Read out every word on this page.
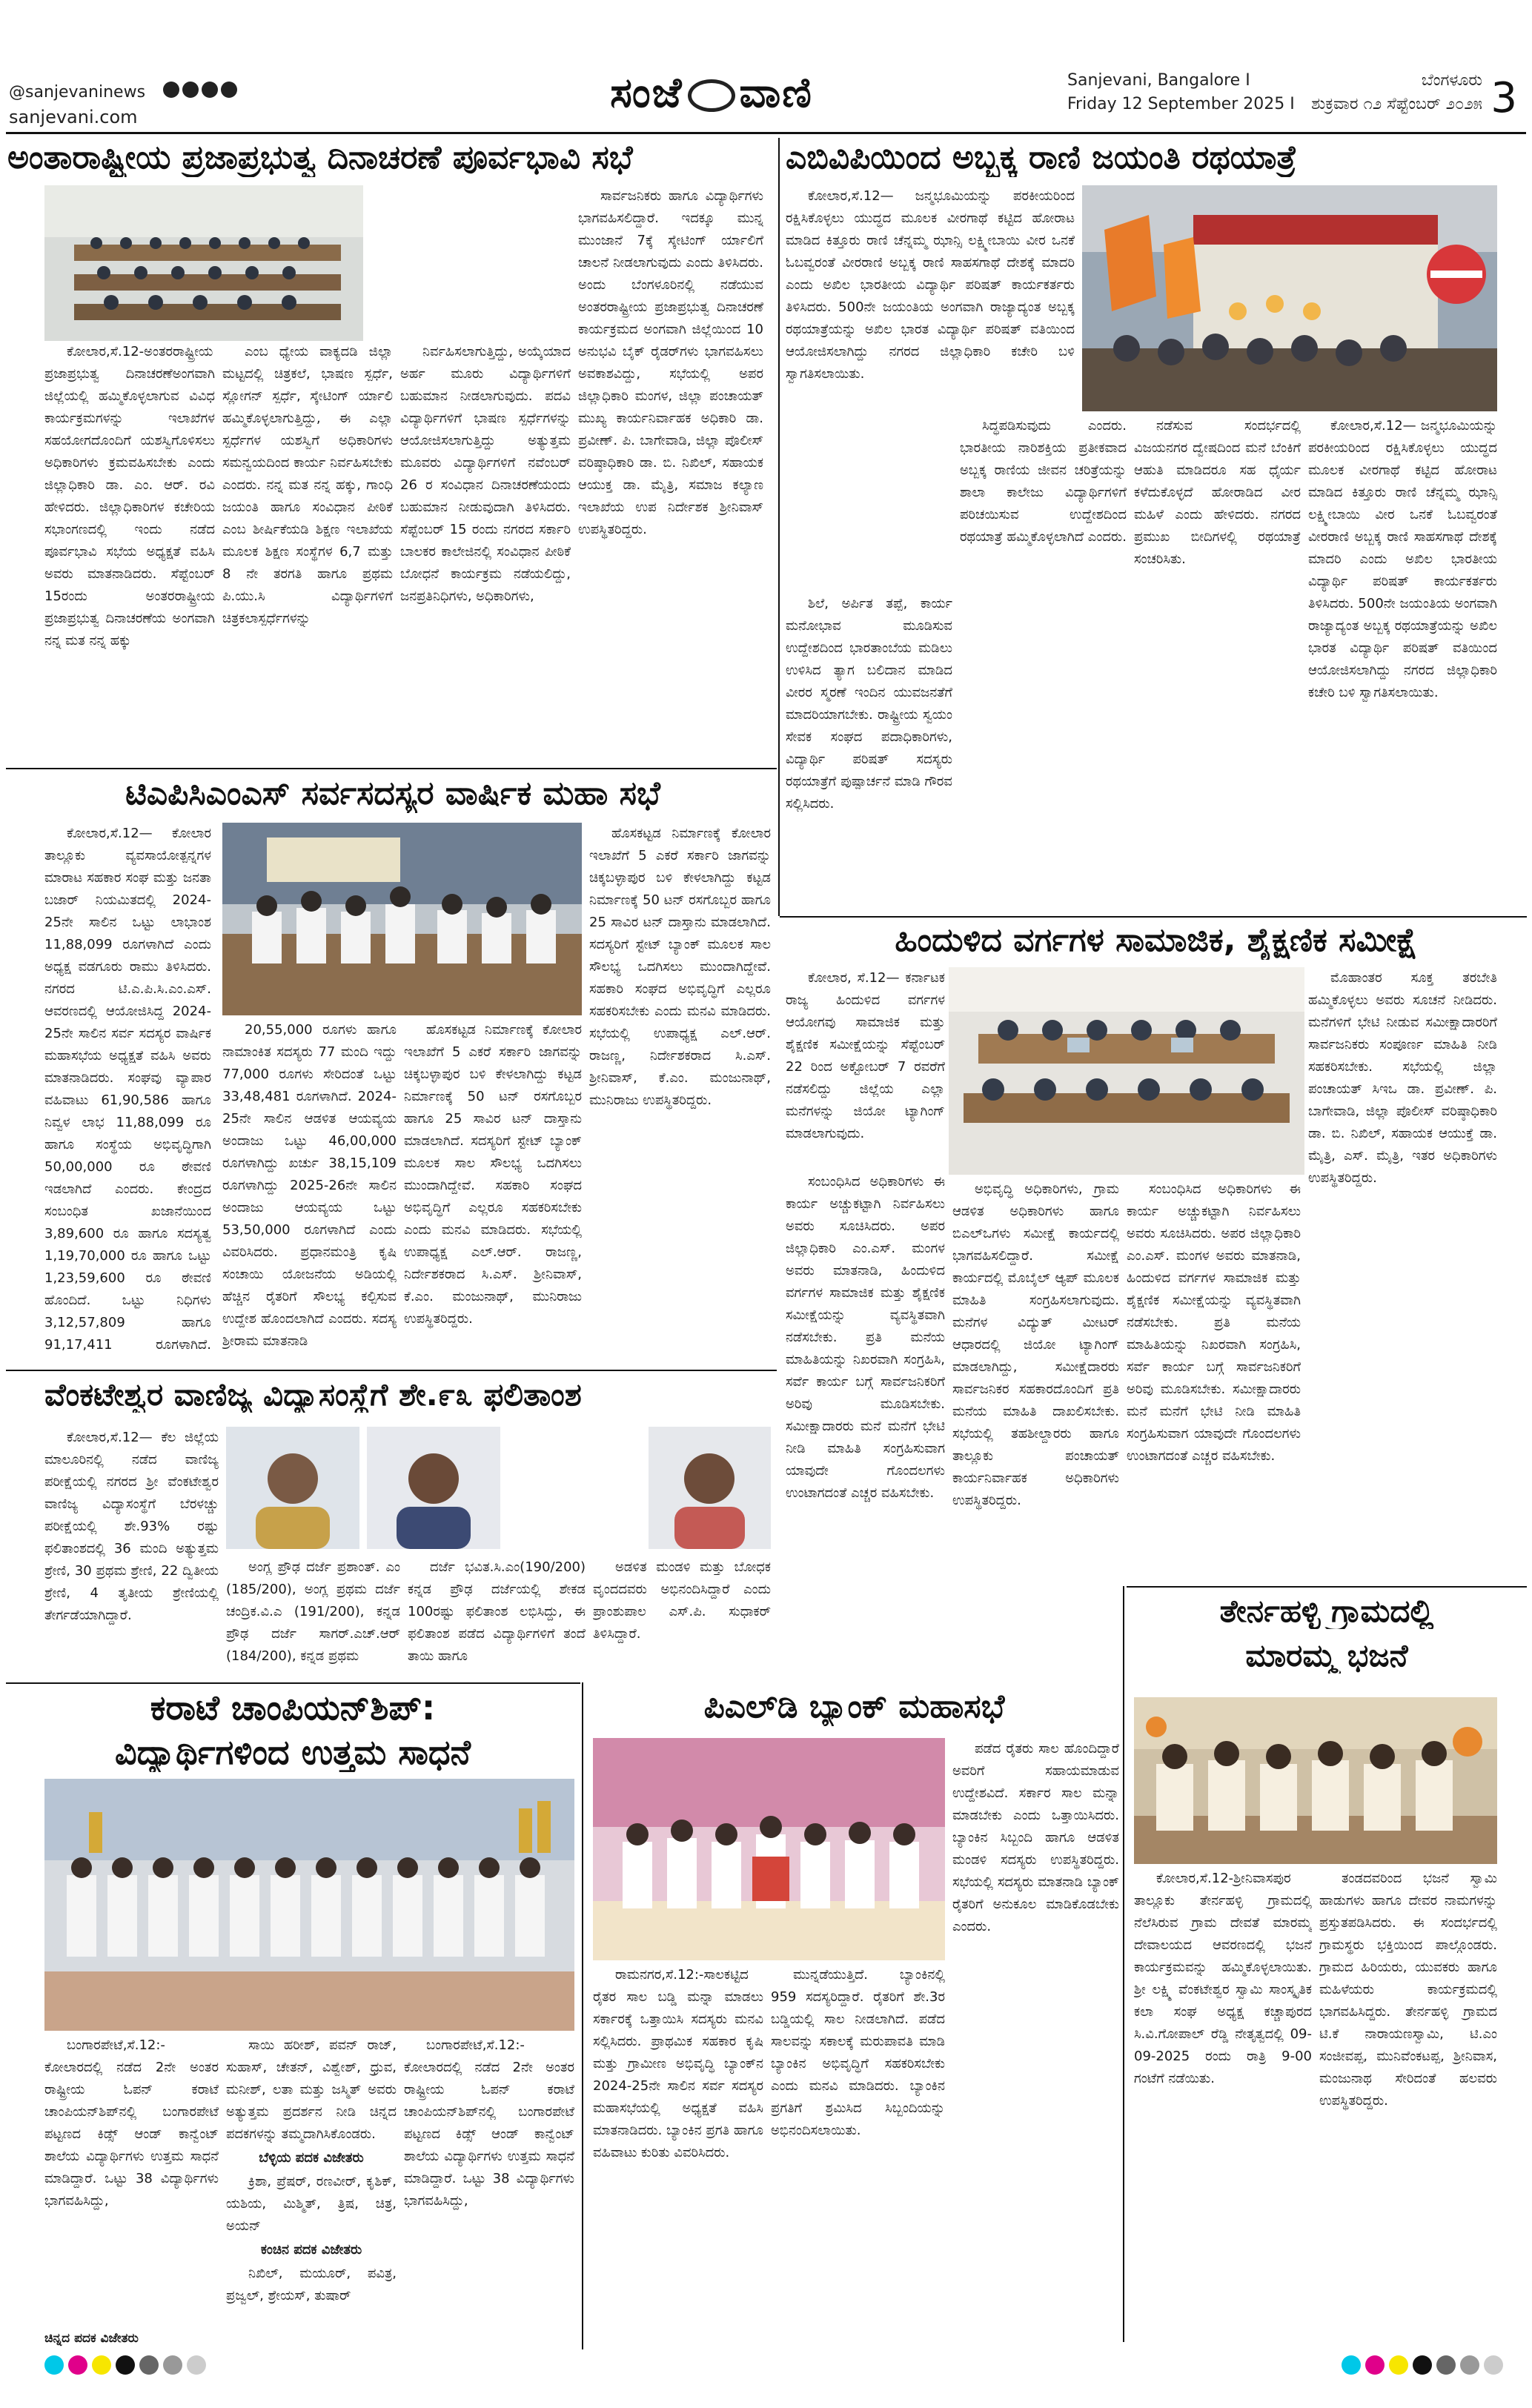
@sanjevaninews
sanjevani.com	ಸಂಜೆ ವಾಣಿ	Sanjevani, Bangalore I	ಬೆಂಗಳೂರು
Friday 12 September 2025 I ಶುಕ್ರವಾರ ೧೨ ಸೆಪ್ಟೆಂಬರ್ ೨೦೨೫ 3
ಅಂತಾರಾಷ್ಟ್ರೀಯ ಪ್ರಜಾಪ್ರಭುತ್ವ ದಿನಾಚರಣೆ ಪೂರ್ವಭಾವಿ ಸಭೆ

ಕೋಲಾರ,ಸೆ.12-ಅಂತರರಾಷ್ಟ್ರೀಯ ಪ್ರಜಾಪ್ರಭುತ್ವ ದಿನಾಚರಣೆಅಂಗವಾಗಿ ಜಿಲ್ಲೆಯಲ್ಲಿ ಹಮ್ಮಿಕೊಳ್ಳಲಾಗುವ ವಿವಿಧ ಕಾರ್ಯಕ್ರಮಗಳನ್ನು ಇಲಾಖೆಗಳ ಸಹಯೋಗದೊಂದಿಗೆ ಯಶಸ್ವಿಗೊಳಿಸಲು ಅಧಿಕಾರಿಗಳು ಕ್ರಮವಹಿಸಬೇಕು ಎಂದು ಜಿಲ್ಲಾಧಿಕಾರಿ ಡಾ. ಎಂ. ಆರ್. ರವಿ ಹೇಳಿದರು. ಜಿಲ್ಲಾಧಿಕಾರಿಗಳ ಕಚೇರಿಯ ಸಭಾಂಗಣದಲ್ಲಿ ಇಂದು ನಡೆದ ಪೂರ್ವಭಾವಿ ಸಭೆಯ ಅಧ್ಯಕ್ಷತೆ ವಹಿಸಿ ಅವರು ಮಾತನಾಡಿದರು. ಸೆಪ್ಟೆಂಬರ್ 15ರಂದು ಅಂತರರಾಷ್ಟ್ರೀಯ ಪ್ರಜಾಪ್ರಭುತ್ವ ದಿನಾಚರಣೆಯ ಅಂಗವಾಗಿ ನನ್ನ ಮತ ನನ್ನ ಹಕ್ಕು

ಎಂಬ ಧ್ಯೇಯ ವಾಕ್ಯದಡಿ ಜಿಲ್ಲಾ ಮಟ್ಟದಲ್ಲಿ ಚಿತ್ರಕಲೆ, ಭಾಷಣ ಸ್ಪರ್ಧೆ, ಸ್ಲೋಗನ್ ಸ್ಪರ್ಧೆ, ಸ್ಕೇಟಿಂಗ್ ರ್ಯಾಲಿ ಹಮ್ಮಿಕೊಳ್ಳಲಾಗುತ್ತಿದ್ದು, ಈ ಎಲ್ಲಾ ಸ್ಪರ್ಧೆಗಳ ಯಶಸ್ವಿಗೆ ಅಧಿಕಾರಿಗಳು ಸಮನ್ವಯದಿಂದ ಕಾರ್ಯ ನಿರ್ವಹಿಸಬೇಕು ಎಂದರು. ನನ್ನ ಮತ ನನ್ನ ಹಕ್ಕು, ಗಾಂಧಿ ಜಯಂತಿ ಹಾಗೂ ಸಂವಿಧಾನ ಪೀಠಿಕೆ ಎಂಬ ಶೀರ್ಷಿಕೆಯಡಿ ಶಿಕ್ಷಣ ಇಲಾಖೆಯ ಮೂಲಕ ಶಿಕ್ಷಣ ಸಂಸ್ಥೆಗಳ 6,7 ಮತ್ತು 8 ನೇ ತರಗತಿ ಹಾಗೂ ಪ್ರಥಮ ಪಿ.ಯು.ಸಿ ವಿದ್ಯಾರ್ಥಿಗಳಿಗೆ ಚಿತ್ರಕಲಾಸ್ಪರ್ಧೆಗಳನ್ನು

ನಿರ್ವಹಿಸಲಾಗುತ್ತಿದ್ದು, ಅಯ್ಕೆಯಾದ ಅರ್ಹ ಮೂರು ವಿದ್ಯಾರ್ಥಿಗಳಿಗೆ ಬಹುಮಾನ ನೀಡಲಾಗುವುದು. ಪದವಿ ವಿದ್ಯಾರ್ಥಿಗಳಿಗೆ ಭಾಷಣ ಸ್ಪರ್ಧೆಗಳನ್ನು ಆಯೋಜಿಸಲಾಗುತ್ತಿದ್ದು ಅತ್ಯುತ್ತಮ ಮೂವರು ವಿದ್ಯಾರ್ಥಿಗಳಿಗೆ ನವೆಂಬರ್ 26 ರ ಸಂವಿಧಾನ ದಿನಾಚರಣೆಯಂದು ಬಹುಮಾನ ನೀಡುವುದಾಗಿ ತಿಳಿಸಿದರು. ಸೆಪ್ಟೆಂಬರ್ 15 ರಂದು ನಗರದ ಸರ್ಕಾರಿ ಬಾಲಕರ ಕಾಲೇಜಿನಲ್ಲಿ ಸಂವಿಧಾನ ಪೀಠಿಕೆ ಬೋಧನೆ ಕಾರ್ಯಕ್ರಮ ನಡೆಯಲಿದ್ದು, ಜನಪ್ರತಿನಿಧಿಗಳು, ಅಧಿಕಾರಿಗಳು,

ಸಾರ್ವಜನಿಕರು ಹಾಗೂ ವಿದ್ಯಾರ್ಥಿಗಳು ಭಾಗವಹಿಸಲಿದ್ದಾರೆ. ಇದಕ್ಕೂ ಮುನ್ನ ಮುಂಜಾನೆ 7ಕ್ಕೆ ಸ್ಕೇಟಿಂಗ್ ರ್ಯಾಲಿಗೆ ಚಾಲನೆ ನೀಡಲಾಗುವುದು ಎಂದು ತಿಳಿಸಿದರು. ಅಂದು ಬೆಂಗಳೂರಿನಲ್ಲಿ ನಡೆಯುವ ಅಂತರರಾಷ್ಟ್ರೀಯ ಪ್ರಜಾಪ್ರಭುತ್ವ ದಿನಾಚರಣೆ ಕಾರ್ಯಕ್ರಮದ ಅಂಗವಾಗಿ ಜಿಲ್ಲೆಯಿಂದ 10 ಅನುಭವಿ ಬೈಕ್ ರೈಡರ್‌ಗಳು ಭಾಗವಹಿಸಲು ಅವಕಾಶವಿದ್ದು, ಸಭೆಯಲ್ಲಿ ಅಪರ ಜಿಲ್ಲಾಧಿಕಾರಿ ಮಂಗಳ, ಜಿಲ್ಲಾ ಪಂಚಾಯತ್ ಮುಖ್ಯ ಕಾರ್ಯನಿರ್ವಾಹಕ ಅಧಿಕಾರಿ ಡಾ. ಪ್ರವೀಣ್. ಪಿ. ಬಾಗೇವಾಡಿ, ಜಿಲ್ಲಾ ಪೊಲೀಸ್ ವರಿಷ್ಠಾಧಿಕಾರಿ ಡಾ. ಬಿ. ನಿಖಿಲ್, ಸಹಾಯಕ ಆಯುಕ್ತ ಡಾ. ಮೈತ್ರಿ, ಸಮಾಜ ಕಲ್ಯಾಣ ಇಲಾಖೆಯ ಉಪ ನಿರ್ದೇಶಕ ಶ್ರೀನಿವಾಸ್ ಉಪಸ್ಥಿತರಿದ್ದರು.

ಎಬಿವಿಪಿಯಿಂದ ಅಬ್ಬಕ್ಕ ರಾಣಿ ಜಯಂತಿ ರಥಯಾತ್ರೆ

ಕೋಲಾರ,ಸೆ.12— ಜನ್ಮಭೂಮಿಯನ್ನು ಪರಕೀಯರಿಂದ ರಕ್ಷಿಸಿಕೊಳ್ಳಲು ಯುದ್ಧದ ಮೂಲಕ ವೀರಗಾಥೆ ಕಟ್ಟಿದ ಹೋರಾಟ ಮಾಡಿದ ಕಿತ್ತೂರು ರಾಣಿ ಚೆನ್ನಮ್ಮ ಝಾನ್ಸಿ ಲಕ್ಷ್ಮೀಬಾಯಿ ವೀರ ಒನಕೆ ಓಬವ್ವರಂತೆ ವೀರರಾಣಿ ಅಬ್ಬಕ್ಕ ರಾಣಿ ಸಾಹಸಗಾಥೆ ದೇಶಕ್ಕೆ ಮಾದರಿ ಎಂದು ಅಖಿಲ ಭಾರತೀಯ ವಿದ್ಯಾರ್ಥಿ ಪರಿಷತ್ ಕಾರ್ಯಕರ್ತರು ತಿಳಿಸಿದರು. 500ನೇ ಜಯಂತಿಯ ಅಂಗವಾಗಿ ರಾಜ್ಯಾದ್ಯಂತ ಅಬ್ಬಕ್ಕ ರಥಯಾತ್ರೆಯನ್ನು ಅಖಿಲ ಭಾರತ ವಿದ್ಯಾರ್ಥಿ ಪರಿಷತ್ ವತಿಯಿಂದ ಆಯೋಜಿಸಲಾಗಿದ್ದು ನಗರದ ಜಿಲ್ಲಾಧಿಕಾರಿ ಕಚೇರಿ ಬಳಿ ಸ್ವಾಗತಿಸಲಾಯಿತು.

ಶಿಲೆ, ಅರ್ಪಿತ ತಪ್ಪೆ, ಕಾರ್ಯ ಮನೋಭಾವ ಮೂಡಿಸುವ ಉದ್ದೇಶದಿಂದ ಭಾರತಾಂಬೆಯ ಮಡಿಲು ಉಳಿಸಿದ ತ್ಯಾಗ ಬಲಿದಾನ ಮಾಡಿದ ವೀರರ ಸ್ಮರಣೆ ಇಂದಿನ ಯುವಜನತೆಗೆ ಮಾದರಿಯಾಗಬೇಕು. ರಾಷ್ಟ್ರೀಯ ಸ್ವಯಂ ಸೇವಕ ಸಂಘದ ಪದಾಧಿಕಾರಿಗಳು, ವಿದ್ಯಾರ್ಥಿ ಪರಿಷತ್ ಸದಸ್ಯರು ರಥಯಾತ್ರೆಗೆ ಪುಷ್ಪಾರ್ಚನೆ ಮಾಡಿ ಗೌರವ ಸಲ್ಲಿಸಿದರು.

ಸಿದ್ಧಪಡಿಸುವುದು ಎಂದರು. ಭಾರತೀಯ ನಾರಿಶಕ್ತಿಯ ಪ್ರತೀಕವಾದ ಅಬ್ಬಕ್ಕ ರಾಣಿಯ ಜೀವನ ಚರಿತ್ರೆಯನ್ನು ಶಾಲಾ ಕಾಲೇಜು ವಿದ್ಯಾರ್ಥಿಗಳಿಗೆ ಪರಿಚಯಿಸುವ ಉದ್ದೇಶದಿಂದ ರಥಯಾತ್ರೆ ಹಮ್ಮಿಕೊಳ್ಳಲಾಗಿದೆ ಎಂದರು.

ನಡೆಸುವ ಸಂದರ್ಭದಲ್ಲಿ ವಿಜಯನಗರ ದ್ವೇಷದಿಂದ ಮನೆ ಬೆಂಕಿಗೆ ಆಹುತಿ ಮಾಡಿದರೂ ಸಹ ಧೈರ್ಯ ಕಳೆದುಕೊಳ್ಳದೆ ಹೋರಾಡಿದ ವೀರ ಮಹಿಳೆ ಎಂದು ಹೇಳಿದರು. ನಗರದ ಪ್ರಮುಖ ಬೀದಿಗಳಲ್ಲಿ ರಥಯಾತ್ರೆ ಸಂಚರಿಸಿತು.

ಕೋಲಾರ,ಸೆ.12— ಜನ್ಮಭೂಮಿಯನ್ನು ಪರಕೀಯರಿಂದ ರಕ್ಷಿಸಿಕೊಳ್ಳಲು ಯುದ್ಧದ ಮೂಲಕ ವೀರಗಾಥೆ ಕಟ್ಟಿದ ಹೋರಾಟ ಮಾಡಿದ ಕಿತ್ತೂರು ರಾಣಿ ಚೆನ್ನಮ್ಮ ಝಾನ್ಸಿ ಲಕ್ಷ್ಮೀಬಾಯಿ ವೀರ ಒನಕೆ ಓಬವ್ವರಂತೆ ವೀರರಾಣಿ ಅಬ್ಬಕ್ಕ ರಾಣಿ ಸಾಹಸಗಾಥೆ ದೇಶಕ್ಕೆ ಮಾದರಿ ಎಂದು ಅಖಿಲ ಭಾರತೀಯ ವಿದ್ಯಾರ್ಥಿ ಪರಿಷತ್ ಕಾರ್ಯಕರ್ತರು ತಿಳಿಸಿದರು. 500ನೇ ಜಯಂತಿಯ ಅಂಗವಾಗಿ ರಾಜ್ಯಾದ್ಯಂತ ಅಬ್ಬಕ್ಕ ರಥಯಾತ್ರೆಯನ್ನು ಅಖಿಲ ಭಾರತ ವಿದ್ಯಾರ್ಥಿ ಪರಿಷತ್ ವತಿಯಿಂದ ಆಯೋಜಿಸಲಾಗಿದ್ದು ನಗರದ ಜಿಲ್ಲಾಧಿಕಾರಿ ಕಚೇರಿ ಬಳಿ ಸ್ವಾಗತಿಸಲಾಯಿತು.

ಟಿಎಪಿಸಿಎಂಎಸ್ ಸರ್ವಸದಸ್ಯರ ವಾರ್ಷಿಕ ಮಹಾ ಸಭೆ

ಕೋಲಾರ,ಸೆ.12— ಕೋಲಾರ ತಾಲ್ಲೂಕು ವ್ಯವಸಾಯೋತ್ಪನ್ನಗಳ ಮಾರಾಟ ಸಹಕಾರ ಸಂಘ ಮತ್ತು ಜನತಾ ಬಜಾರ್ ನಿಯಮಿತದಲ್ಲಿ 2024-25ನೇ ಸಾಲಿನ ಒಟ್ಟು ಲಾಭಾಂಶ 11,88,099 ರೂಗಳಾಗಿದೆ ಎಂದು ಅಧ್ಯಕ್ಷ ವಡಗೂರು ರಾಮು ತಿಳಿಸಿದರು. ನಗರದ ಟಿ.ಎ.ಪಿ.ಸಿ.ಎಂ.ಎಸ್. ಆವರಣದಲ್ಲಿ ಆಯೋಜಿಸಿದ್ದ 2024-25ನೇ ಸಾಲಿನ ಸರ್ವ ಸದಸ್ಯರ ವಾರ್ಷಿಕ ಮಹಾಸಭೆಯ ಅಧ್ಯಕ್ಷತೆ ವಹಿಸಿ ಅವರು ಮಾತನಾಡಿದರು. ಸಂಘವು ವ್ಯಾಪಾರ ವಹಿವಾಟು 61,90,586 ಹಾಗೂ ನಿವ್ವಳ ಲಾಭ 11,88,099 ರೂ ಹಾಗೂ ಸಂಸ್ಥೆಯ ಅಭಿವೃದ್ಧಿಗಾಗಿ 50,00,000 ರೂ ಠೇವಣಿ ಇಡಲಾಗಿದೆ ಎಂದರು. ಕೇಂದ್ರದ ಸಂಬಂಧಿತ ಖಜಾನೆಯಿಂದ 3,89,600 ರೂ ಹಾಗೂ ಸದಸ್ಯತ್ವ 1,19,70,000 ರೂ ಹಾಗೂ ಒಟ್ಟು 1,23,59,600 ರೂ ಠೇವಣಿ ಹೊಂದಿದೆ. ಒಟ್ಟು ನಿಧಿಗಳು 3,12,57,809 ಹಾಗೂ 91,17,411 ರೂಗಳಾಗಿದೆ.

20,55,000 ರೂಗಳು ಹಾಗೂ ನಾಮಾಂಕಿತ ಸದಸ್ಯರು 77 ಮಂದಿ ಇದ್ದು 77,000 ರೂಗಳು ಸೇರಿದಂತೆ ಒಟ್ಟು 33,48,481 ರೂಗಳಾಗಿದೆ. 2024-25ನೇ ಸಾಲಿನ ಆಡಳಿತ ಆಯವ್ಯಯ ಅಂದಾಜು ಒಟ್ಟು 46,00,000 ರೂಗಳಾಗಿದ್ದು ಖರ್ಚು 38,15,109 ರೂಗಳಾಗಿದ್ದು 2025-26ನೇ ಸಾಲಿನ ಅಂದಾಜು ಆಯವ್ಯಯ ಒಟ್ಟು 53,50,000 ರೂಗಳಾಗಿದೆ ಎಂದು ವಿವರಿಸಿದರು. ಪ್ರಧಾನಮಂತ್ರಿ ಕೃಷಿ ಸಂಚಾಯಿ ಯೋಜನೆಯ ಅಡಿಯಲ್ಲಿ ಹೆಚ್ಚಿನ ರೈತರಿಗೆ ಸೌಲಭ್ಯ ಕಲ್ಪಿಸುವ ಉದ್ದೇಶ ಹೊಂದಲಾಗಿದೆ ಎಂದರು. ಸದಸ್ಯ ಶ್ರೀರಾಮ ಮಾತನಾಡಿ

ಹೊಸಕಟ್ಟಡ ನಿರ್ಮಾಣಕ್ಕೆ ಕೋಲಾರ ಇಲಾಖೆಗೆ 5 ಎಕರೆ ಸರ್ಕಾರಿ ಜಾಗವನ್ನು ಚಿಕ್ಕಬಳ್ಳಾಪುರ ಬಳಿ ಕೇಳಲಾಗಿದ್ದು ಕಟ್ಟಡ ನಿರ್ಮಾಣಕ್ಕೆ 50 ಟನ್ ರಸಗೊಬ್ಬರ ಹಾಗೂ 25 ಸಾವಿರ ಟನ್ ದಾಸ್ತಾನು ಮಾಡಲಾಗಿದೆ. ಸದಸ್ಯರಿಗೆ ಸ್ಟೇಟ್ ಬ್ಯಾಂಕ್ ಮೂಲಕ ಸಾಲ ಸೌಲಭ್ಯ ಒದಗಿಸಲು ಮುಂದಾಗಿದ್ದೇವೆ. ಸಹಕಾರಿ ಸಂಘದ ಅಭಿವೃದ್ಧಿಗೆ ಎಲ್ಲರೂ ಸಹಕರಿಸಬೇಕು ಎಂದು ಮನವಿ ಮಾಡಿದರು. ಸಭೆಯಲ್ಲಿ ಉಪಾಧ್ಯಕ್ಷ ಎಲ್.ಆರ್. ರಾಜಣ್ಣ, ನಿರ್ದೇಶಕರಾದ ಸಿ.ಎಸ್. ಶ್ರೀನಿವಾಸ್, ಕೆ.ಎಂ. ಮಂಜುನಾಥ್, ಮುನಿರಾಜು ಉಪಸ್ಥಿತರಿದ್ದರು.

ಹೊಸಕಟ್ಟಡ ನಿರ್ಮಾಣಕ್ಕೆ ಕೋಲಾರ ಇಲಾಖೆಗೆ 5 ಎಕರೆ ಸರ್ಕಾರಿ ಜಾಗವನ್ನು ಚಿಕ್ಕಬಳ್ಳಾಪುರ ಬಳಿ ಕೇಳಲಾಗಿದ್ದು ಕಟ್ಟಡ ನಿರ್ಮಾಣಕ್ಕೆ 50 ಟನ್ ರಸಗೊಬ್ಬರ ಹಾಗೂ 25 ಸಾವಿರ ಟನ್ ದಾಸ್ತಾನು ಮಾಡಲಾಗಿದೆ. ಸದಸ್ಯರಿಗೆ ಸ್ಟೇಟ್ ಬ್ಯಾಂಕ್ ಮೂಲಕ ಸಾಲ ಸೌಲಭ್ಯ ಒದಗಿಸಲು ಮುಂದಾಗಿದ್ದೇವೆ. ಸಹಕಾರಿ ಸಂಘದ ಅಭಿವೃದ್ಧಿಗೆ ಎಲ್ಲರೂ ಸಹಕರಿಸಬೇಕು ಎಂದು ಮನವಿ ಮಾಡಿದರು. ಸಭೆಯಲ್ಲಿ ಉಪಾಧ್ಯಕ್ಷ ಎಲ್.ಆರ್. ರಾಜಣ್ಣ, ನಿರ್ದೇಶಕರಾದ ಸಿ.ಎಸ್. ಶ್ರೀನಿವಾಸ್, ಕೆ.ಎಂ. ಮಂಜುನಾಥ್, ಮುನಿರಾಜು ಉಪಸ್ಥಿತರಿದ್ದರು.

ವೆಂಕಟೇಶ್ವರ ವಾಣಿಜ್ಯ ವಿದ್ಯಾಸಂಸ್ಥೆಗೆ ಶೇ.೯೩ ಫಲಿತಾಂಶ

ಕೋಲಾರ,ಸೆ.12— ಕೆಲ ಜಿಲ್ಲೆಯ ಮಾಲೂರಿನಲ್ಲಿ ನಡೆದ ವಾಣಿಜ್ಯ ಪರೀಕ್ಷೆಯಲ್ಲಿ ನಗರದ ಶ್ರೀ ವೆಂಕಟೇಶ್ವರ ವಾಣಿಜ್ಯ ವಿದ್ಯಾಸಂಸ್ಥೆಗೆ ಬೆರಳಚ್ಚು ಪರೀಕ್ಷೆಯಲ್ಲಿ ಶೇ.93% ರಷ್ಟು ಫಲಿತಾಂಶದಲ್ಲಿ 36 ಮಂದಿ ಅತ್ಯುತ್ತಮ ಶ್ರೇಣಿ, 30 ಪ್ರಥಮ ಶ್ರೇಣಿ, 22 ದ್ವಿತೀಯ ಶ್ರೇಣಿ, 4 ತೃತೀಯ ಶ್ರೇಣಿಯಲ್ಲಿ ತೇರ್ಗಡೆಯಾಗಿದ್ದಾರೆ.

ಅಂಗ್ಲ ಪ್ರೌಢ ದರ್ಜೆ ಪ್ರಶಾಂತ್. ಎಂ (185/200), ಅಂಗ್ಲ ಪ್ರಥಮ ದರ್ಜೆ ಚಂದ್ರಿಕ.ವಿ.ಎ (191/200), ಕನ್ನಡ ಪ್ರೌಢ ದರ್ಜೆ ಸಾಗರ್.ಎಚ್.ಆರ್ (184/200), ಕನ್ನಡ ಪ್ರಥಮ

ದರ್ಜೆ ಭವಿತ.ಸಿ.ಎಂ(190/200) ಕನ್ನಡ ಪ್ರೌಢ ದರ್ಜೆಯಲ್ಲಿ ಶೇಕಡ 100ರಷ್ಟು ಫಲಿತಾಂಶ ಲಭಿಸಿದ್ದು, ಈ ಫಲಿತಾಂಶ ಪಡೆದ ವಿದ್ಯಾರ್ಥಿಗಳಿಗೆ ತಂದೆ ತಾಯಿ ಹಾಗೂ

ಅಡಳಿತ ಮಂಡಳಿ ಮತ್ತು ಬೋಧಕ ವೃಂದದವರು ಅಭಿನಂದಿಸಿದ್ದಾರೆ ಎಂದು ಪ್ರಾಂಶುಪಾಲ ಎಸ್.ಪಿ. ಸುಧಾಕರ್ ತಿಳಿಸಿದ್ದಾರೆ.

ಹಿಂದುಳಿದ ವರ್ಗಗಳ ಸಾಮಾಜಿಕ, ಶೈಕ್ಷಣಿಕ ಸಮೀಕ್ಷೆ

ಕೋಲಾರ, ಸೆ.12— ಕರ್ನಾಟಕ ರಾಜ್ಯ ಹಿಂದುಳಿದ ವರ್ಗಗಳ ಆಯೋಗವು ಸಾಮಾಜಿಕ ಮತ್ತು ಶೈಕ್ಷಣಿಕ ಸಮೀಕ್ಷೆಯನ್ನು ಸೆಪ್ಟೆಂಬರ್ 22 ರಿಂದ ಅಕ್ಟೋಬರ್ 7 ರವರೆಗೆ ನಡೆಸಲಿದ್ದು ಜಿಲ್ಲೆಯ ಎಲ್ಲಾ ಮನೆಗಳನ್ನು ಜಿಯೋ ಟ್ಯಾಗಿಂಗ್ ಮಾಡಲಾಗುವುದು.

ಮೊಹಾಂತರ ಸೂಕ್ತ ತರಬೇತಿ ಹಮ್ಮಿಕೊಳ್ಳಲು ಅವರು ಸೂಚನೆ ನೀಡಿದರು. ಮನೆಗಳಿಗೆ ಭೇಟಿ ನೀಡುವ ಸಮೀಕ್ಷಾದಾರರಿಗೆ ಸಾರ್ವಜನಿಕರು ಸಂಪೂರ್ಣ ಮಾಹಿತಿ ನೀಡಿ ಸಹಕರಿಸಬೇಕು. ಸಭೆಯಲ್ಲಿ ಜಿಲ್ಲಾ ಪಂಚಾಯತ್ ಸಿಇಒ ಡಾ. ಪ್ರವೀಣ್. ಪಿ. ಬಾಗೇವಾಡಿ, ಜಿಲ್ಲಾ ಪೊಲೀಸ್ ವರಿಷ್ಠಾಧಿಕಾರಿ ಡಾ. ಬಿ. ನಿಖಿಲ್, ಸಹಾಯಕ ಆಯುಕ್ತೆ ಡಾ. ಮೈತ್ರಿ, ಎಸ್. ಮೈತ್ರಿ, ಇತರ ಅಧಿಕಾರಿಗಳು ಉಪಸ್ಥಿತರಿದ್ದರು.

ಸಂಬಂಧಿಸಿದ ಅಧಿಕಾರಿಗಳು ಈ ಕಾರ್ಯ ಅಚ್ಚುಕಟ್ಟಾಗಿ ನಿರ್ವಹಿಸಲು ಅವರು ಸೂಚಿಸಿದರು. ಅಪರ ಜಿಲ್ಲಾಧಿಕಾರಿ ಎಂ.ಎಸ್. ಮಂಗಳ ಅವರು ಮಾತನಾಡಿ, ಹಿಂದುಳಿದ ವರ್ಗಗಳ ಸಾಮಾಜಿಕ ಮತ್ತು ಶೈಕ್ಷಣಿಕ ಸಮೀಕ್ಷೆಯನ್ನು ವ್ಯವಸ್ಥಿತವಾಗಿ ನಡೆಸಬೇಕು. ಪ್ರತಿ ಮನೆಯ ಮಾಹಿತಿಯನ್ನು ನಿಖರವಾಗಿ ಸಂಗ್ರಹಿಸಿ, ಸರ್ವೆ ಕಾರ್ಯ ಬಗ್ಗೆ ಸಾರ್ವಜನಿಕರಿಗೆ ಅರಿವು ಮೂಡಿಸಬೇಕು. ಸಮೀಕ್ಷಾದಾರರು ಮನೆ ಮನೆಗೆ ಭೇಟಿ ನೀಡಿ ಮಾಹಿತಿ ಸಂಗ್ರಹಿಸುವಾಗ ಯಾವುದೇ ಗೊಂದಲಗಳು ಉಂಟಾಗದಂತೆ ಎಚ್ಚರ ವಹಿಸಬೇಕು.

ಅಭಿವೃದ್ಧಿ ಅಧಿಕಾರಿಗಳು, ಗ್ರಾಮ ಆಡಳಿತ ಅಧಿಕಾರಿಗಳು ಹಾಗೂ ಬಿಎಲ್‌ಒಗಳು ಸಮೀಕ್ಷೆ ಕಾರ್ಯದಲ್ಲಿ ಭಾಗವಹಿಸಲಿದ್ದಾರೆ. ಸಮೀಕ್ಷೆ ಕಾರ್ಯದಲ್ಲಿ ಮೊಬೈಲ್ ಆ್ಯಪ್ ಮೂಲಕ ಮಾಹಿತಿ ಸಂಗ್ರಹಿಸಲಾಗುವುದು. ಮನೆಗಳ ವಿದ್ಯುತ್ ಮೀಟರ್ ಆಧಾರದಲ್ಲಿ ಜಿಯೋ ಟ್ಯಾಗಿಂಗ್ ಮಾಡಲಾಗಿದ್ದು, ಸಮೀಕ್ಷೆದಾರರು ಸಾರ್ವಜನಿಕರ ಸಹಕಾರದೊಂದಿಗೆ ಪ್ರತಿ ಮನೆಯ ಮಾಹಿತಿ ದಾಖಲಿಸಬೇಕು. ಸಭೆಯಲ್ಲಿ ತಹಶೀಲ್ದಾರರು ಹಾಗೂ ತಾಲ್ಲೂಕು ಪಂಚಾಯತ್ ಕಾರ್ಯನಿರ್ವಾಹಕ ಅಧಿಕಾರಿಗಳು ಉಪಸ್ಥಿತರಿದ್ದರು.

ಸಂಬಂಧಿಸಿದ ಅಧಿಕಾರಿಗಳು ಈ ಕಾರ್ಯ ಅಚ್ಚುಕಟ್ಟಾಗಿ ನಿರ್ವಹಿಸಲು ಅವರು ಸೂಚಿಸಿದರು. ಅಪರ ಜಿಲ್ಲಾಧಿಕಾರಿ ಎಂ.ಎಸ್. ಮಂಗಳ ಅವರು ಮಾತನಾಡಿ, ಹಿಂದುಳಿದ ವರ್ಗಗಳ ಸಾಮಾಜಿಕ ಮತ್ತು ಶೈಕ್ಷಣಿಕ ಸಮೀಕ್ಷೆಯನ್ನು ವ್ಯವಸ್ಥಿತವಾಗಿ ನಡೆಸಬೇಕು. ಪ್ರತಿ ಮನೆಯ ಮಾಹಿತಿಯನ್ನು ನಿಖರವಾಗಿ ಸಂಗ್ರಹಿಸಿ, ಸರ್ವೆ ಕಾರ್ಯ ಬಗ್ಗೆ ಸಾರ್ವಜನಿಕರಿಗೆ ಅರಿವು ಮೂಡಿಸಬೇಕು. ಸಮೀಕ್ಷಾದಾರರು ಮನೆ ಮನೆಗೆ ಭೇಟಿ ನೀಡಿ ಮಾಹಿತಿ ಸಂಗ್ರಹಿಸುವಾಗ ಯಾವುದೇ ಗೊಂದಲಗಳು ಉಂಟಾಗದಂತೆ ಎಚ್ಚರ ವಹಿಸಬೇಕು.

ಕರಾಟೆ ಚಾಂಪಿಯನ್‌ಶಿಪ್:
ವಿದ್ಯಾರ್ಥಿಗಳಿಂದ ಉತ್ತಮ ಸಾಧನೆ

ಬಂಗಾರಪೇಟೆ,ಸೆ.12:-ಕೋಲಾರದಲ್ಲಿ ನಡೆದ 2ನೇ ಅಂತರ ರಾಷ್ಟ್ರೀಯ ಓಪನ್ ಕರಾಟೆ ಚಾಂಪಿಯನ್‌ಶಿಪ್‌ನಲ್ಲಿ ಬಂಗಾರಪೇಟೆ ಪಟ್ಟಣದ ಕಿಡ್ಸ್ ಆಂಡ್ ಕಾನ್ವೆಂಟ್ ಶಾಲೆಯ ವಿದ್ಯಾರ್ಥಿಗಳು ಉತ್ತಮ ಸಾಧನೆ ಮಾಡಿದ್ದಾರೆ. ಒಟ್ಟು 38 ವಿದ್ಯಾರ್ಥಿಗಳು ಭಾಗವಹಿಸಿದ್ದು,

ಚಿನ್ನದ ಪದಕ ವಿಜೇತರು

ಸಾಯಿ ಹರೀಶ್, ಪವನ್ ರಾಜ್, ಸುಹಾಸ್, ಚೇತನ್, ವಿಶ್ವೇಶ್, ಧ್ರುವ, ಮನೀಶ್, ಲತಾ ಮತ್ತು ಜಸ್ಮಿತ್ ಅವರು ಅತ್ಯುತ್ತಮ ಪ್ರದರ್ಶನ ನೀಡಿ ಚಿನ್ನದ ಪದಕಗಳನ್ನು ತಮ್ಮದಾಗಿಸಿಕೊಂಡರು.

ಬೆಳ್ಳಿಯ ಪದಕ ವಿಜೇತರು

ಕ್ರಿಶಾ, ಪ್ರೆಷರ್, ರಣವೀರ್, ಕೃಶಿಕ್, ಯಶಿಯ, ಮಿಶ್ಮಿತ್, ತ್ರಿಷ, ಚಿತ್ರ, ಅಯನ್

ಕಂಚಿನ ಪದಕ ವಿಜೇತರು

ನಿಖಿಲ್, ಮಯೂರ್, ಪವಿತ್ರ, ಪ್ರಜ್ವಲ್, ಶ್ರೇಯಸ್, ತುಷಾರ್

ಬಂಗಾರಪೇಟೆ,ಸೆ.12:-ಕೋಲಾರದಲ್ಲಿ ನಡೆದ 2ನೇ ಅಂತರ ರಾಷ್ಟ್ರೀಯ ಓಪನ್ ಕರಾಟೆ ಚಾಂಪಿಯನ್‌ಶಿಪ್‌ನಲ್ಲಿ ಬಂಗಾರಪೇಟೆ ಪಟ್ಟಣದ ಕಿಡ್ಸ್ ಆಂಡ್ ಕಾನ್ವೆಂಟ್ ಶಾಲೆಯ ವಿದ್ಯಾರ್ಥಿಗಳು ಉತ್ತಮ ಸಾಧನೆ ಮಾಡಿದ್ದಾರೆ. ಒಟ್ಟು 38 ವಿದ್ಯಾರ್ಥಿಗಳು ಭಾಗವಹಿಸಿದ್ದು,

ಪಿಎಲ್‌ಡಿ ಬ್ಯಾಂಕ್ ಮಹಾಸಭೆ

ರಾಮನಗರ,ಸೆ.12:-ಸಾಲಕಟ್ಟಿದ ರೈತರ ಸಾಲ ಬಡ್ಡಿ ಮನ್ನಾ ಮಾಡಲು ಸರ್ಕಾರಕ್ಕೆ ಒತ್ತಾಯಿಸಿ ಸದಸ್ಯರು ಮನವಿ ಸಲ್ಲಿಸಿದರು. ಪ್ರಾಥಮಿಕ ಸಹಕಾರ ಕೃಷಿ ಮತ್ತು ಗ್ರಾಮೀಣ ಅಭಿವೃದ್ಧಿ ಬ್ಯಾಂಕ್‌ನ 2024-25ನೇ ಸಾಲಿನ ಸರ್ವ ಸದಸ್ಯರ ಮಹಾಸಭೆಯಲ್ಲಿ ಅಧ್ಯಕ್ಷತೆ ವಹಿಸಿ ಮಾತನಾಡಿದರು. ಬ್ಯಾಂಕಿನ ಪ್ರಗತಿ ಹಾಗೂ ವಹಿವಾಟು ಕುರಿತು ವಿವರಿಸಿದರು.

ಮುನ್ನಡೆಯುತ್ತಿದೆ. ಬ್ಯಾಂಕಿನಲ್ಲಿ 959 ಸದಸ್ಯರಿದ್ದಾರೆ. ರೈತರಿಗೆ ಶೇ.3ರ ಬಡ್ಡಿಯಲ್ಲಿ ಸಾಲ ನೀಡಲಾಗಿದೆ. ಪಡೆದ ಸಾಲವನ್ನು ಸಕಾಲಕ್ಕೆ ಮರುಪಾವತಿ ಮಾಡಿ ಬ್ಯಾಂಕಿನ ಅಭಿವೃದ್ಧಿಗೆ ಸಹಕರಿಸಬೇಕು ಎಂದು ಮನವಿ ಮಾಡಿದರು. ಬ್ಯಾಂಕಿನ ಪ್ರಗತಿಗೆ ಶ್ರಮಿಸಿದ ಸಿಬ್ಬಂದಿಯನ್ನು ಅಭಿನಂದಿಸಲಾಯಿತು.

ಪಡೆದ ರೈತರು ಸಾಲ ಹೊಂದಿದ್ದಾರೆ ಅವರಿಗೆ ಸಹಾಯಮಾಡುವ ಉದ್ದೇಶವಿದೆ. ಸರ್ಕಾರ ಸಾಲ ಮನ್ನಾ ಮಾಡಬೇಕು ಎಂದು ಒತ್ತಾಯಿಸಿದರು. ಬ್ಯಾಂಕಿನ ಸಿಬ್ಬಂದಿ ಹಾಗೂ ಆಡಳಿತ ಮಂಡಳಿ ಸದಸ್ಯರು ಉಪಸ್ಥಿತರಿದ್ದರು. ಸಭೆಯಲ್ಲಿ ಸದಸ್ಯರು ಮಾತನಾಡಿ ಬ್ಯಾಂಕ್ ರೈತರಿಗೆ ಅನುಕೂಲ ಮಾಡಿಕೊಡಬೇಕು ಎಂದರು.

ತೇರ್ನಹಳ್ಳಿ ಗ್ರಾಮದಲ್ಲಿ
ಮಾರಮ್ಮ ಭಜನೆ

ಕೋಲಾರ,ಸೆ.12-ಶ್ರೀನಿವಾಸಪುರ ತಾಲ್ಲೂಕು ತೇರ್ನಹಳ್ಳಿ ಗ್ರಾಮದಲ್ಲಿ ನೆಲೆಸಿರುವ ಗ್ರಾಮ ದೇವತೆ ಮಾರಮ್ಮ ದೇವಾಲಯದ ಆವರಣದಲ್ಲಿ ಭಜನೆ ಕಾರ್ಯಕ್ರಮವನ್ನು ಹಮ್ಮಿಕೊಳ್ಳಲಾಯಿತು. ಶ್ರೀ ಲಕ್ಷ್ಮಿ ವೆಂಕಟೇಶ್ವರ ಸ್ವಾಮಿ ಸಾಂಸ್ಕೃತಿಕ ಕಲಾ ಸಂಘ ಅಧ್ಯಕ್ಷ ಕಚ್ಚಾಪುರದ ಸಿ.ವಿ.ಗೋಪಾಲ್ ರೆಡ್ಡಿ ನೇತೃತ್ವದಲ್ಲಿ 09-09-2025 ರಂದು ರಾತ್ರಿ 9-00 ಗಂಟೆಗೆ ನಡೆಯಿತು.

ತಂಡದವರಿಂದ ಭಜನೆ ಸ್ವಾಮಿ ಹಾಡುಗಳು ಹಾಗೂ ದೇವರ ನಾಮಗಳನ್ನು ಪ್ರಸ್ತುತಪಡಿಸಿದರು. ಈ ಸಂದರ್ಭದಲ್ಲಿ ಗ್ರಾಮಸ್ಥರು ಭಕ್ತಿಯಿಂದ ಪಾಲ್ಗೊಂಡರು. ಗ್ರಾಮದ ಹಿರಿಯರು, ಯುವಕರು ಹಾಗೂ ಮಹಿಳೆಯರು ಕಾರ್ಯಕ್ರಮದಲ್ಲಿ ಭಾಗವಹಿಸಿದ್ದರು. ತೇರ್ನಹಳ್ಳಿ ಗ್ರಾಮದ ಟಿ.ಕೆ ನಾರಾಯಣಸ್ವಾಮಿ, ಟಿ.ಎಂ ಸಂಜೀವಪ್ಪ, ಮುನಿವೆಂಕಟಪ್ಪ, ಶ್ರೀನಿವಾಸ, ಮಂಜುನಾಥ ಸೇರಿದಂತೆ ಹಲವರು ಉಪಸ್ಥಿತರಿದ್ದರು.
